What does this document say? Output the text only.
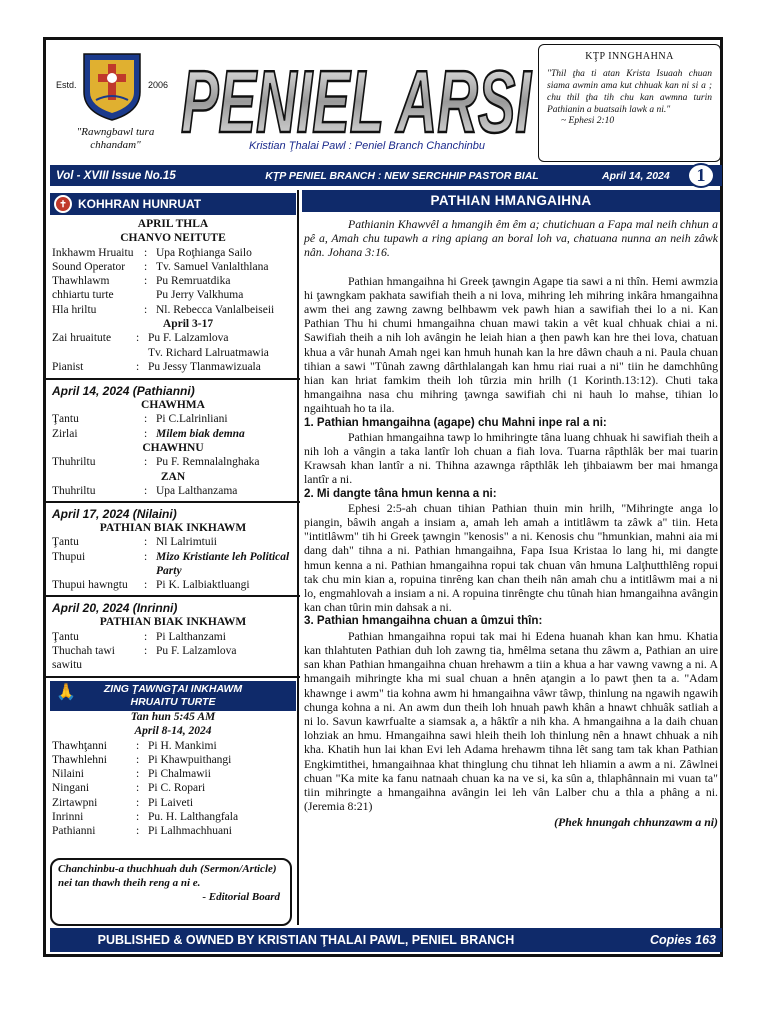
Estd.	2006
"Rawngbawl tura chhandam" PENIEL ARSI
Kristian Ţhalai Pawl : Peniel Branch Chanchinbu
KŢP INNGHAHNA

"Thil ţha ti atan Krista Isuaah chuan siama awmin ama kut chhuak kan ni si a ; chu thil ţha tih chu kan awmna turin Pathianin a buatsaih lawk a ni."

~ Ephesi 2:10
Vol - XVIII Issue No.15	KŢP PENIEL BRANCH : NEW SERCHHIP PASTOR BIAL	April 14, 2024	1
✝ KOHHRAN HUNRUAT
APRIL THLA
CHANVO NEITUTE
Inkhawm Hruaitu : Upa Roţhianga Sailo
Sound Operator	: Tv. Samuel Vanlalthlana
Thawhlawm	: Pu Remruatdika
chhiartu turte	Pu Jerry Valkhuma
Hla hriltu	: Nl. Rebecca Vanlalbeiseii
April 3-17
Zai hruaitute	: Pu F. Lalzamlova
Tv. Richard Lalruatmawia
Pianist	: Pu Jessy Tlanmawizuala
April 14, 2024 (Pathianni)
CHAWHMA
Ţantu	: Pi C.Lalrinliani
Zirlai	: Milem biak demna
CHAWHNU
Thuhriltu	: Pu F. Remnalalnghaka
ZAN
Thuhriltu	: Upa Lalthanzama
April 17, 2024 (Nilaini)
PATHIAN BIAK INKHAWM
Ţantu	: Nl Lalrimtuii
Thupui	: Mizo Kristiante leh Political Party
Thupui hawngtu	: Pi K. Lalbiaktluangi
April 20, 2024 (Inrinni)
PATHIAN BIAK INKHAWM
Ţantu	: Pi Lalthanzami
Thuchah tawi sawitu
: Pu F. Lalzamlova
🙏	ZING ŢAWNGŢAI INKHAWM
HRUAITU TURTE
Tan hun 5:45 AM
April 8-14, 2024
Thawhţanni	: Pi H. Mankimi
Thawhlehni	: Pi Khawpuithangi
Nilaini	: Pi Chalmawii
Ningani	: Pi C. Ropari
Zirtawpni	: Pi Laiveti
Inrinni	: Pu. H. Lalthangfala
Pathianni	: Pi Lalhmachhuani
Chanchinbu-a thuchhuah duh (Sermon/Article) nei tan thawh theih reng a ni e.
- Editorial Board
PATHIAN HMANGAIHNA

Pathianin Khawvêl a hmangih êm êm a; chutichuan a Fapa mal neih chhun a pê a, Amah chu tupawh a ring apiang an boral loh va, chatuana nunna an neih zâwk nân. Johana 3:16.

Pathian hmangaihna hi Greek ţawngin Agape tia sawi a ni thîn. Hemi awmzia hi ţawngkam pakhata sawifiah theih a ni lova, mihring leh mihring inkâra hmangaihna awm thei ang zawng zawng belhbawm vek pawh hian a sawifiah thei lo a ni. Kan Pathian Thu hi chumi hmangaihna chuan mawi takin a vêt kual chhuak chiai a ni. Sawifiah theih a nih loh avângin he leiah hian a ţhen pawh kan hre thei lova, chatuan khua a vâr hunah Amah ngei kan hmuh hunah kan la hre dâwn chauh a ni. Paula chuan tihian a sawi "Tûnah zawng dârthlalangah kan hmu riai ruai a ni" tiin he damchhûng hian kan hriat famkim theih loh tûrzia min hrilh (1 Korinth.13:12). Chuti taka hmangaihna nasa chu mihring ţawnga sawifiah chi ni hauh lo mahse, tihian lo ngaihtuah ho ta ila.

1. Pathian hmangaihna (agape) chu Mahni inpe ral a ni:

Pathian hmangaihna tawp lo hmihringte tâna luang chhuak hi sawifiah theih a nih loh a vângin a taka lantîr loh chuan a fiah lova. Tuarna râpthlâk ber mai tuarin Krawsah khan lantîr a ni. Thihna azawnga râpthlâk leh ţihbaiawm ber mai hmanga lantîr a ni.

2. Mi dangte tâna hmun kenna a ni:

Ephesi 2:5-ah chuan tihian Pathian thuin min hrilh, "Mihringte anga lo piangin, bâwih angah a insiam a, amah leh amah a intitlâwm ta zâwk a" tiin. Heta "intitlâwm" tih hi Greek ţawngin "kenosis" a ni. Kenosis chu "hmunkian, mahni aia mi dang dah" tihna a ni. Pathian hmangaihna, Fapa Isua Kristaa lo lang hi, mi dangte hmun kenna a ni. Pathian hmangaihna ropui tak chuan vân hmuna Lalţhutthlêng ropui tak chu min kian a, ropuina tinrêng kan chan theih nân amah chu a intitlâwm mai a ni lo, engmahlovah a insiam a ni. A ropuina tinrêngte chu tûnah hian hmangaihna avângin kan chan tûrin min dahsak a ni.

3. Pathian hmangaihna chuan a ûmzui thîn:

Pathian hmangaihna ropui tak mai hi Edena huanah khan kan hmu. Khatia kan thlahtuten Pathian duh loh zawng tia, hmêlma setana thu zâwm a, Pathian an uire san khan Pathian hmangaihna chuan hrehawm a tiin a khua a har vawng vawng a ni. A hmangaih mihringte kha mi sual chuan a hnên aţangin a lo pawt ţhen ta a. "Adam khawnge i awm" tia kohna awm hi hmangaihna vâwr tâwp, thinlung na ngawih ngawih chunga kohna a ni. An awm dun theih loh hnuah pawh khân a hnawt chhuâk satliah a ni lo. Savun kawrfualte a siamsak a, a hâktîr a nih kha. A hmangaihna a la daih chuan lohziak an hmu. Hmangaihna sawi hleih theih loh thinlung nên a hnawt chhuak a nih kha. Khatih hun lai khan Evi leh Adama hrehawm tihna lêt sang tam tak khan Pathian Engkimtithei, hmangaihnaa khat thinglung chu tihnat leh hliamin a awm a ni. Zâwlnei chuan "Ka mite ka fanu natnaah chuan ka na ve si, ka sûn a, thlaphânnain mi vuan ta" tiin mihringte a hmangaihna avângin lei leh vân Lalber chu a thla a phâng a ni. (Jeremia 8:21)

(Phek hnungah chhunzawm a ni)
PUBLISHED & OWNED BY KRISTIAN ŢHALAI PAWL, PENIEL BRANCH	Copies 163
